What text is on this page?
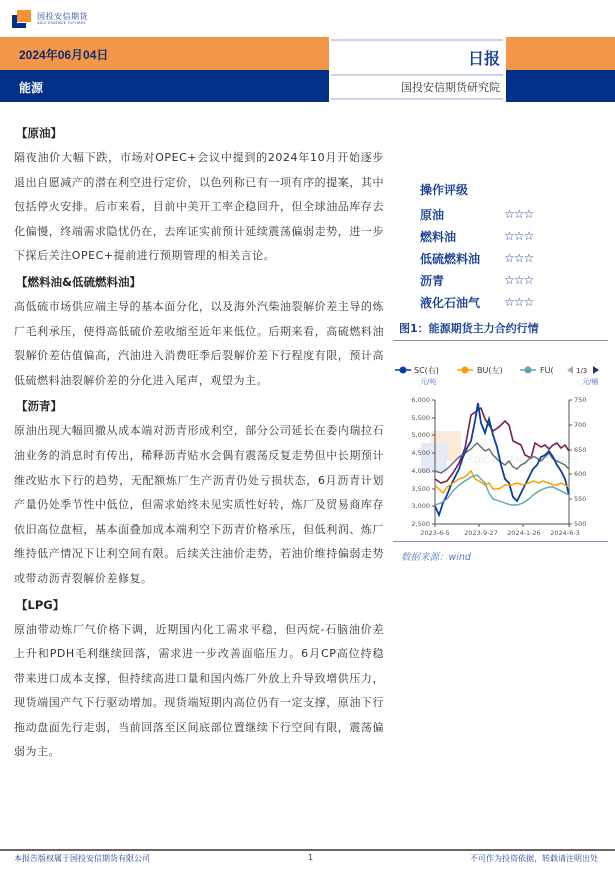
国投安信期货
SDIC ESSENCE FUTURES
2024年06月04日
能源
日报
国投安信期货研究院
【原油】

隔夜油价大幅下跌，市场对OPEC+会议中提到的2024年10月开始逐步退出自愿减产的潜在利空进行定价，以色列称已有一项有序的提案，其中包括停火安排。后市来看，目前中美开工率企稳回升，但全球油品库存去化偏慢，终端需求隐忧仍在，去库证实前预计延续震荡偏弱走势，进一步下探后关注OPEC+提前进行预期管理的相关言论。

【燃料油&低硫燃料油】

高低硫市场供应端主导的基本面分化，以及海外汽柴油裂解价差主导的炼厂毛利承压，使得高低硫价差收缩至近年来低位。后期来看，高硫燃料油裂解价差估值偏高，汽油进入消费旺季后裂解价差下行程度有限，预计高低硫燃料油裂解价差的分化进入尾声，观望为主。

【沥青】

原油出现大幅回撤从成本端对沥青形成利空，部分公司延长在委内瑞拉石油业务的消息时有传出，稀释沥青贴水会偶有震荡反复走势但中长期预计维改贴水下行的趋势，无配额炼厂生产沥青仍处亏损状态，6月沥青计划产量仍处季节性中低位，但需求始终未见实质性好转，炼厂及贸易商库存依旧高位盘桓，基本面叠加成本端利空下沥青价格承压，但低利润、炼厂维持低产情况下让利空间有限。后续关注油价走势，若油价维持偏弱走势或带动沥青裂解价差修复。

【LPG】

原油带动炼厂气价格下调，近期国内化工需求平稳，但丙烷-石脑油价差上升和PDH毛利继续回落，需求进一步改善面临压力。6月CP高位持稳带来进口成本支撑，但持续高进口量和国内炼厂外放上升导致增供压力，现货端国产气下行驱动增加。现货端短期内高位仍有一定支撑，原油下行拖动盘面先行走弱，当前回落至区间底部位置继续下行空间有限，震荡偏弱为主。

操作评级
原油	☆☆☆
燃料油	☆☆☆
低硫燃料油	☆☆☆
沥青	☆☆☆
液化石油气	☆☆☆
图1：能源期货主力合约行情
SC(右)	BU(左)	FU(	1/3
元/吨	元/桶
SDIC ESSENCE FUTURES
6,000
5,500
5,000
4,500
4,000
3,500
3,000
2,500
750
700
650
600
550
500
2023-6-5 2023-9-27 2024-1-26 2024-6-3
数据来源：wind
本报告版权属于国投安信期货有限公司	1	不可作为投资依据，转载请注明出处
